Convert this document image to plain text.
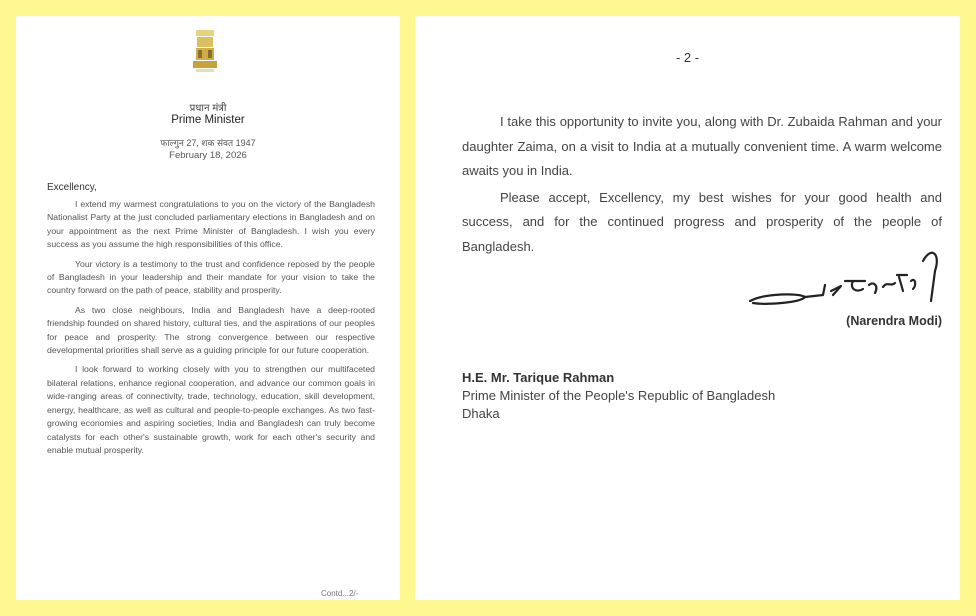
प्रधान मंत्री
Prime Minister
फाल्गुन 27, शक संवत 1947
February 18, 2026
Excellency,

I extend my warmest congratulations to you on the victory of the Bangladesh Nationalist Party at the just concluded parliamentary elections in Bangladesh and on your appointment as the next Prime Minister of Bangladesh. I wish you every success as you assume the high responsibilities of this office.

Your victory is a testimony to the trust and confidence reposed by the people of Bangladesh in your leadership and their mandate for your vision to take the country forward on the path of peace, stability and prosperity.

As two close neighbours, India and Bangladesh have a deep-rooted friendship founded on shared history, cultural ties, and the aspirations of our peoples for peace and prosperity. The strong convergence between our respective developmental priorities shall serve as a guiding principle for our future cooperation.

I look forward to working closely with you to strengthen our multifaceted bilateral relations, enhance regional cooperation, and advance our common goals in wide-ranging areas of connectivity, trade, technology, education, skill development, energy, healthcare, as well as cultural and people-to-people exchanges. As two fast-growing economies and aspiring societies, India and Bangladesh can truly become catalysts for each other's sustainable growth, work for each other's security and enable mutual prosperity.

Contd...2/-
- 2 -

I take this opportunity to invite you, along with Dr. Zubaida Rahman and your daughter Zaima, on a visit to India at a mutually convenient time. A warm welcome awaits you in India.

Please accept, Excellency, my best wishes for your good health and success, and for the continued progress and prosperity of the people of Bangladesh.

(Narendra Modi)
H.E. Mr. Tarique Rahman
Prime Minister of the People's Republic of Bangladesh
Dhaka
